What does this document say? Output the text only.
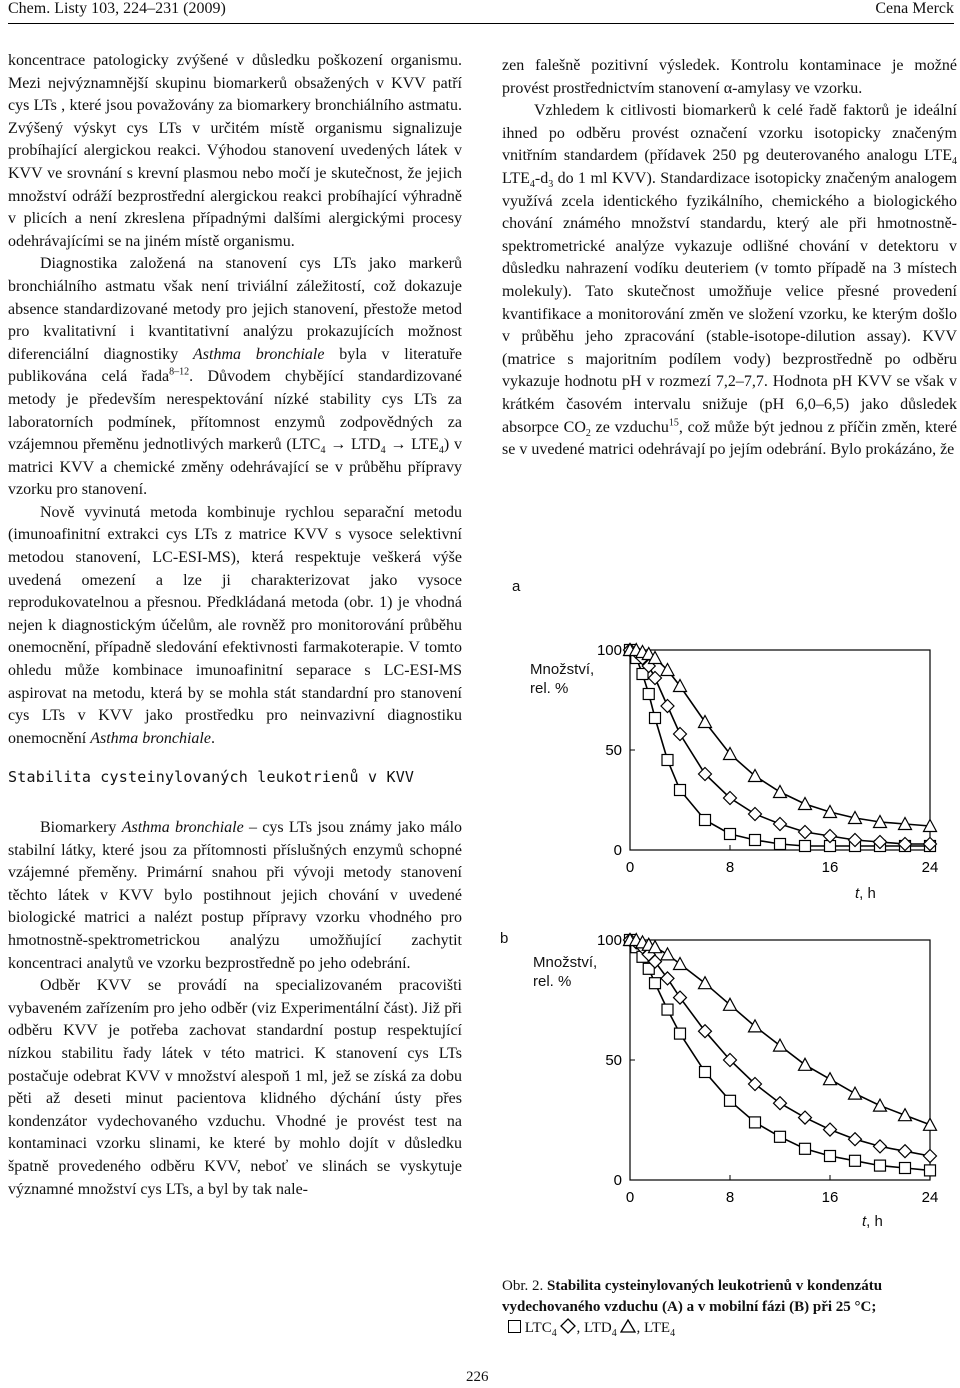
Chem. Listy 103, 224–231 (2009)	Cena Merck

koncentrace patologicky zvýšené v důsledku poškození organismu. Mezi nejvýznamnější skupinu biomarkerů obsažených v KVV patří cys LTs , které jsou považovány za biomarkery bronchiálního astmatu. Zvýšený výskyt cys LTs v určitém místě organismu signalizuje probíhající alergickou reakci. Výhodou stanovení uvedených látek v KVV ve srovnání s krevní plasmou nebo močí je skutečnost, že jejich množství odráží bezprostřední alergickou reakci probíhající výhradně v plicích a není zkreslena případnými dalšími alergickými procesy odehrávajícími se na jiném místě organismu.

Diagnostika založená na stanovení cys LTs jako markerů bronchiálního astmatu však není triviální záležitostí, což dokazuje absence standardizované metody pro jejich stanovení, přestože metod pro kvalitativní i kvantitativní analýzu prokazujících možnost diferenciální diagnostiky Asthma bronchiale byla v literatuře publikována celá řada$^{8-12}$. Důvodem chybějící standardizované metody je především nerespektování nízké stability cys LTs za laboratorních podmínek, přítomnost enzymů zodpovědných za vzájemnou přeměnu jednotlivých markerů $(LTC_4 \to LTD_4 \to LTE_4)$ v matrici KVV a chemické změny odehrávající se v průběhu přípravy vzorku pro stanovení.

Nově vyvinutá metoda kombinuje rychlou separační metodu (imunoafinitní extrakci cys LTs z matrice KVV s vysoce selektivní metodou stanovení, LC-ESI-MS), která respektuje veškerá výše uvedená omezení a lze ji charakterizovat jako vysoce reprodukovatelnou a přesnou. Předkládaná metoda (obr. 1) je vhodná nejen k diagnostickým účelům, ale rovněž pro monitorování průběhu onemocnění, případně sledování efektivnosti farmakoterapie. V tomto ohledu může kombinace imunoafinitní separace s LC-ESI-MS aspirovat na metodu, která by se mohla stát standardní pro stanovení cys LTs v KVV jako prostředku pro neinvazivní diagnostiku onemocnění Asthma bronchiale.

Stabilita cysteinylovaných leukotrienů v KVV

Biomarkery Asthma bronchiale – cys LTs jsou známy jako málo stabilní látky, které jsou za přítomnosti příslušných enzymů schopné vzájemné přeměny. Primární snahou při vývoji metody stanovení těchto látek v KVV bylo postihnout jejich chování v uvedené biologické matrici a nalézt postup přípravy vzorku vhodného pro hmotnostně-spektrometrickou analýzu umožňující zachytit koncentraci analytů ve vzorku bezprostředně po jeho odebrání.

Odběr KVV se provádí na specializovaném pracovišti vybaveném zařízením pro jeho odběr (viz Experimentální část). Již při odběru KVV je potřeba zachovat standardní postup respektující nízkou stabilitu řady látek v této matrici. K stanovení cys LTs postačuje odebrat KVV v množství alespoň 1 ml, jež se získá za dobu pěti až deseti minut pacientova klidného dýchání ústy přes kondenzátor vydechovaného vzduchu. Vhodné je provést test na kontaminaci vzorku slinami, ke které by mohlo dojít v důsledku špatně provedeného odběru KVV, neboť ve slinách se vyskytuje významné množství cys LTs, a byl by tak nale-

zen falešně pozitivní výsledek. Kontrolu kontaminace je možné provést prostřednictvím stanovení α-amylasy ve vzorku.

Vzhledem k citlivosti biomarkerů k celé řadě faktorů je ideální ihned po odběru provést označení vzorku isotopicky značeným vnitřním standardem (přídavek 250 pg deuterovaného analogu $LTE_4$ $LTE_4-d_3$ do 1 ml KVV). Standardizace isotopicky značeným analogem využívá zcela identického fyzikálního, chemického a biologického chování známého množství standardu, který ale při hmotnostně-spektrometrické analýze vykazuje odlišné chování v detektoru v důsledku nahrazení vodíku deuteriem (v tomto případě na 3 místech molekuly). Tato skutečnost umožňuje velice přesné provedení kvantifikace a monitorování změn ve složení vzorku, ke kterým došlo v průběhu jeho zpracování (stable-isotope-dilution assay). KVV (matrice s majoritním podílem vody) bezprostředně po odběru vykazuje hodnotu pH v rozmezí 7,2–7,7. Hodnota pH KVV se však v krátkém časovém intervalu snižuje (pH 6,0–6,5) jako důsledek absorpce $CO_2$ ze vzduchu$^{15}$, což může být jednou z příčin změn, které se v uvedené matrici odehrávají po jejím odebrání. Bylo prokázáno, že

a
Množství,
rel. %
t, h
b
Množství,
rel. %
t, h
0
50
100
0	8	16	24
0
50
100
0	8	16	24
Obr. 2. Stabilita cysteinylovaných leukotrienů v kondenzátu vydechovaného vzduchu (A) a v mobilní fázi (B) při 25 °C;
$LTC_4$ , $LTD_4$ , $LTE_4$
226
